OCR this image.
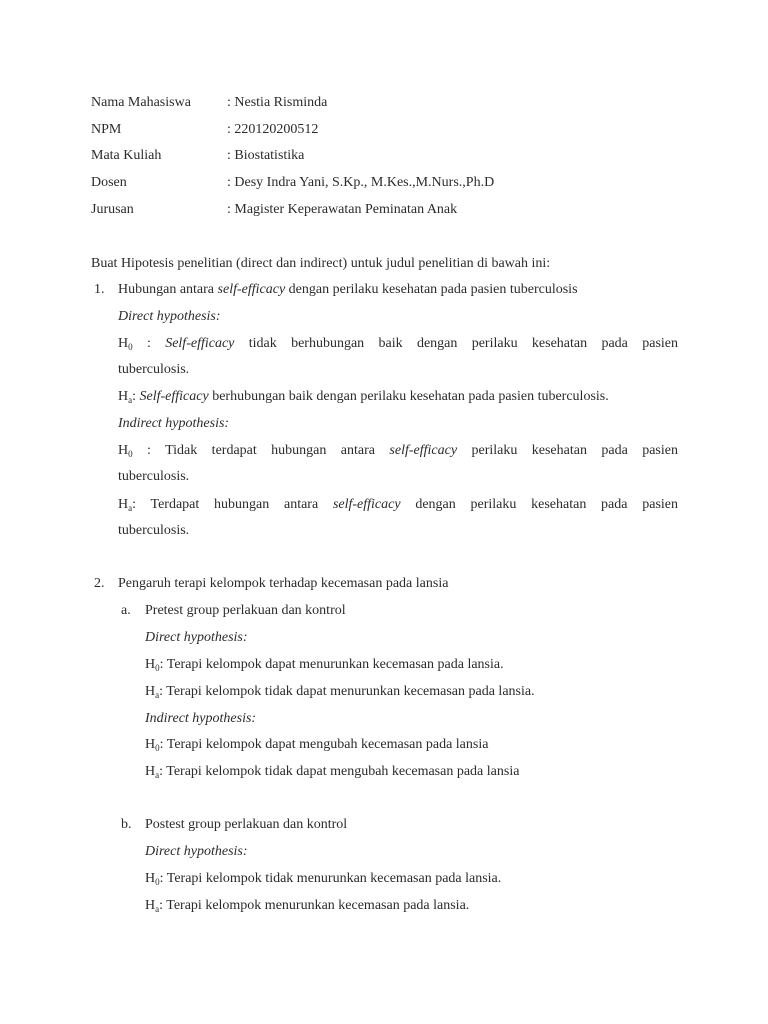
Nama Mahasiswa	: Nestia Risminda
NPM	: 220120200512
Mata Kuliah	: Biostatistika
Dosen	: Desy Indra Yani, S.Kp., M.Kes.,M.Nurs.,Ph.D
Jurusan	: Magister Keperawatan Peminatan Anak
Buat Hipotesis penelitian (direct dan indirect) untuk judul penelitian di bawah ini:
1. Hubungan antara self-efficacy dengan perilaku kesehatan pada pasien tuberculosis
Direct hypothesis:
$H_0$ : Self-efficacy tidak berhubungan baik dengan perilaku kesehatan pada pasien
tuberculosis.
$H_a$: Self-efficacy berhubungan baik dengan perilaku kesehatan pada pasien tuberculosis.
Indirect hypothesis:
$H_0$ : Tidak terdapat hubungan antara self-efficacy perilaku kesehatan pada pasien
tuberculosis.
$H_a$: Terdapat hubungan antara self-efficacy dengan perilaku kesehatan pada pasien
tuberculosis.
2. Pengaruh terapi kelompok terhadap kecemasan pada lansia
a. Pretest group perlakuan dan kontrol
Direct hypothesis:
$H_0$: Terapi kelompok dapat menurunkan kecemasan pada lansia.
$H_a$: Terapi kelompok tidak dapat menurunkan kecemasan pada lansia.
Indirect hypothesis:
$H_0$: Terapi kelompok dapat mengubah kecemasan pada lansia
$H_a$: Terapi kelompok tidak dapat mengubah kecemasan pada lansia
b. Postest group perlakuan dan kontrol
Direct hypothesis:
$H_0$: Terapi kelompok tidak menurunkan kecemasan pada lansia.
$H_a$: Terapi kelompok menurunkan kecemasan pada lansia.
